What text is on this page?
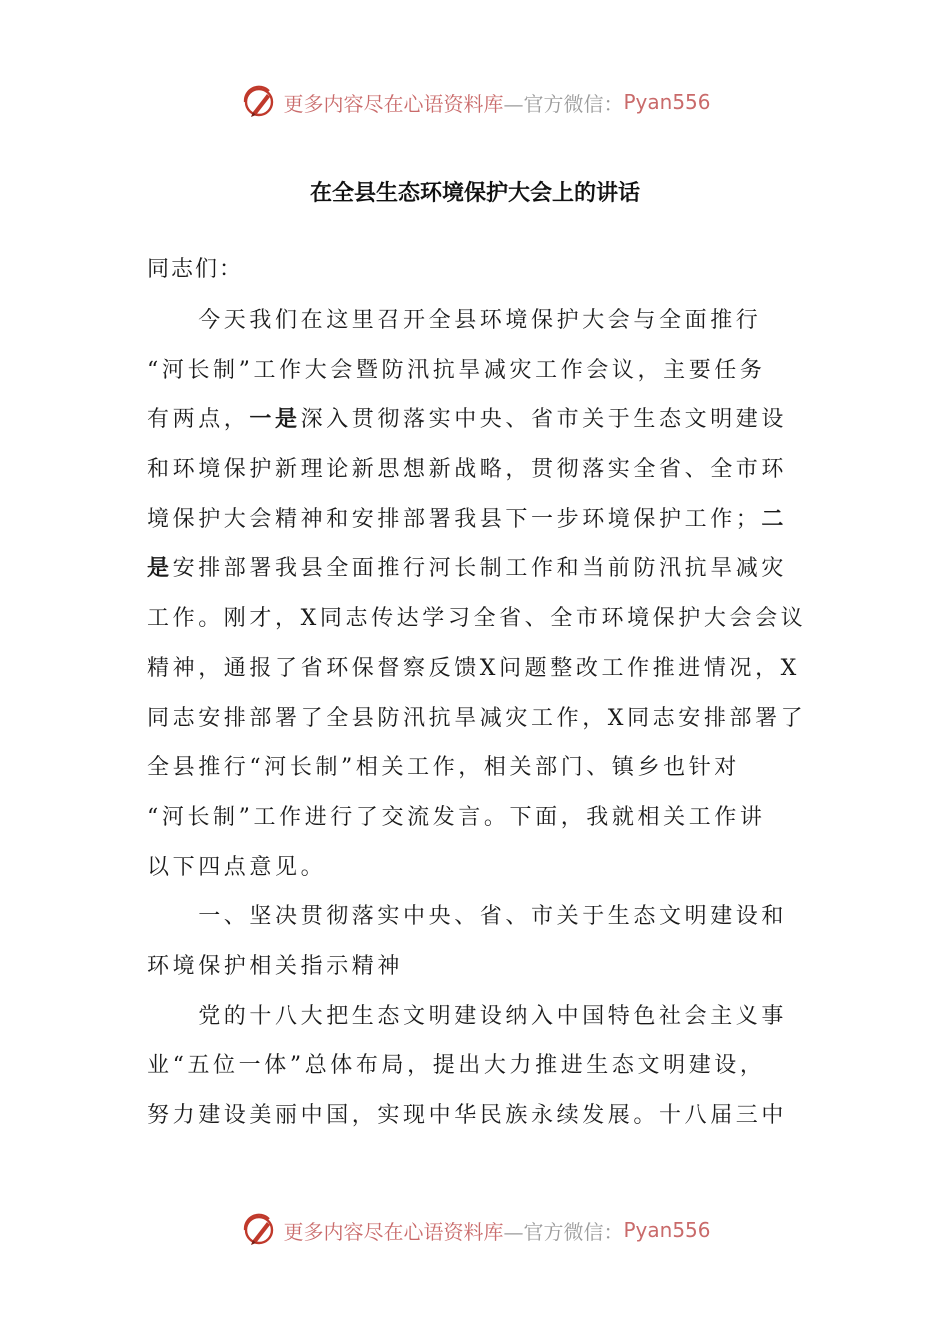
更多内容尽在心语资料库 —官方微信： Pyan556
在全县生态环境保护大会上的讲话
同志们：
　　今天我们在这里召开全县环境保护大会与全面推行
“河长制”工作大会暨防汛抗旱减灾工作会议，主要任务
有两点，一是深入贯彻落实中央、省市关于生态文明建设
和环境保护新理论新思想新战略，贯彻落实全省、全市环
境保护大会精神和安排部署我县下一步环境保护工作；二
是安排部署我县全面推行河长制工作和当前防汛抗旱减灾
工作。刚才，X同志传达学习全省、全市环境保护大会会议
精神，通报了省环保督察反馈X问题整改工作推进情况，X
同志安排部署了全县防汛抗旱减灾工作，X同志安排部署了
全县推行“河长制”相关工作，相关部门、镇乡也针对
“河长制”工作进行了交流发言。下面，我就相关工作讲
以下四点意见。
　　一、坚决贯彻落实中央、省、市关于生态文明建设和
环境保护相关指示精神
　　党的十八大把生态文明建设纳入中国特色社会主义事
业“五位一体”总体布局，提出大力推进生态文明建设，
努力建设美丽中国，实现中华民族永续发展。十八届三中
更多内容尽在心语资料库 —官方微信： Pyan556
